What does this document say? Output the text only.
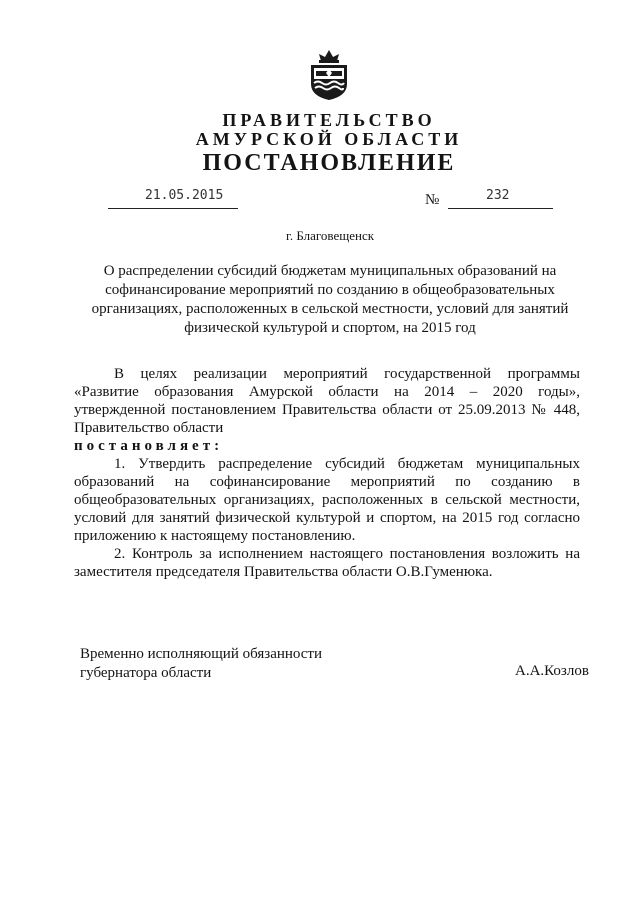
ПРАВИТЕЛЬСТВО
АМУРСКОЙ ОБЛАСТИ
ПОСТАНОВЛЕНИЕ
21.05.2015	№	232
г. Благовещенск
О распределении субсидий бюджетам муниципальных образований на софинансирование мероприятий по созданию в общеобразовательных организациях, расположенных в сельской местности, условий для занятий физической культурой и спортом, на 2015 год

В целях реализации мероприятий государственной программы «Развитие образования Амурской области на 2014 – 2020 годы», утвержденной постановлением Правительства области от 25.09.2013 № 448, Правительство области

постановляет:

1. Утвердить распределение субсидий бюджетам муниципальных образований на софинансирование мероприятий по созданию в общеобразовательных организациях, расположенных в сельской местности, условий для занятий физической культурой и спортом, на 2015 год согласно приложению к настоящему постановлению.

2. Контроль за исполнением настоящего постановления возложить на заместителя председателя Правительства области О.В.Гуменюка.

Временно исполняющий обязанности
губернатора области	А.А.Козлов
